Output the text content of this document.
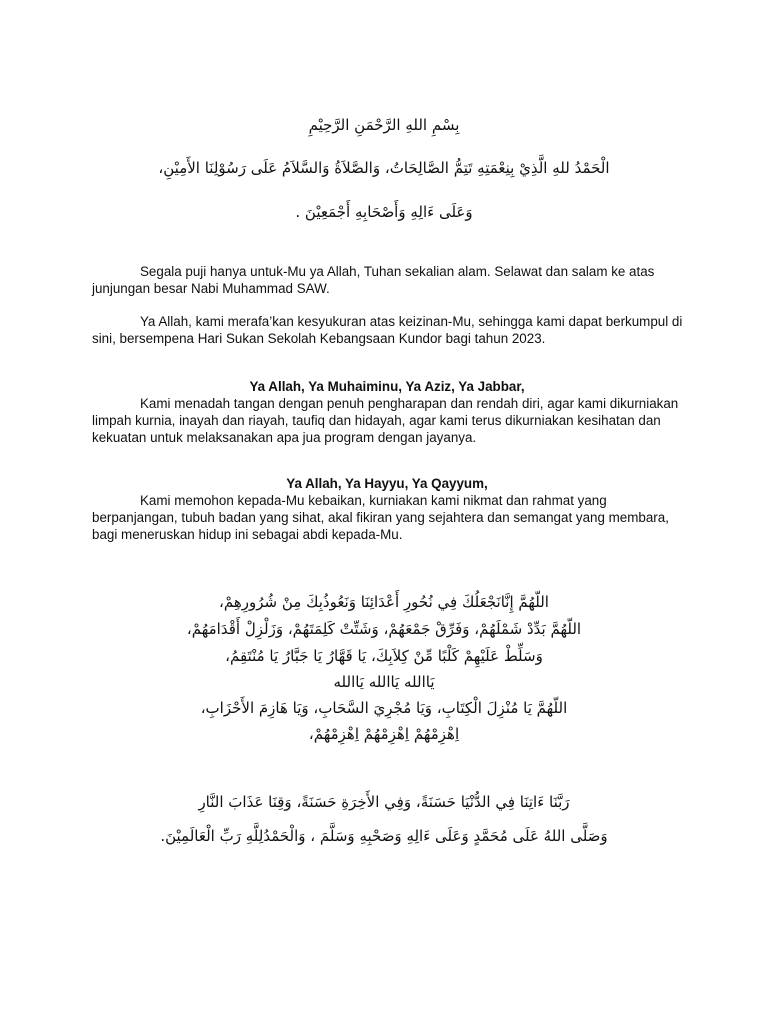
بِسْمِ اللهِ الرَّحْمَنِ الرَّحِيْمِ
الْحَمْدُ للهِ الَّذِيْ بِنِعْمَتِهِ تَتِمُّ الصَّالِحَاتُ، وَالصَّلاَةُ وَالسَّلاَمُ عَلَى رَسُوْلِنَا الأَمِيْنِ،
وَعَلَى ءَالِهِ وَأَصْحَابِهِ أَجْمَعِيْنَ .
Segala puji hanya untuk-Mu ya Allah, Tuhan sekalian alam. Selawat dan salam ke atas
junjungan besar Nabi Muhammad SAW.
Ya Allah, kami merafa’kan kesyukuran atas keizinan-Mu, sehingga kami dapat berkumpul di
sini, bersempena Hari Sukan Sekolah Kebangsaan Kundor bagi tahun 2023.
Ya Allah, Ya Muhaiminu, Ya Aziz, Ya Jabbar,
Kami menadah tangan dengan penuh pengharapan dan rendah diri, agar kami dikurniakan
limpah kurnia, inayah dan riayah, taufiq dan hidayah, agar kami terus dikurniakan kesihatan dan
kekuatan untuk melaksanakan apa jua program dengan jayanya.
Ya Allah, Ya Hayyu, Ya Qayyum,
Kami memohon kepada-Mu kebaikan, kurniakan kami nikmat dan rahmat yang
berpanjangan, tubuh badan yang sihat, akal fikiran yang sejahtera dan semangat yang membara,
bagi meneruskan hidup ini sebagai abdi kepada-Mu.
اللّهُمَّ إِنَّانَجْعَلُكَ فِي نُحُورِ أَعْدَائِنَا وَنَعُوذُبِكَ مِنْ شُرُورِهِمْ،
اللّهُمَّ بَدِّدْ شَمْلَهُمْ، وَفَرِّقْ جَمْعَهُمْ، وَشَتِّتْ كَلِمَتَهُمْ، وَزَلْزِلْ أَقْدَامَهُمْ،
وَسَلِّطْ عَلَيْهِمْ كَلْبًا مِّنْ كِلاَبِكَ، يَا قَهَّارُ يَا جَبَّارُ يَا مُنْتَقِمُ،
يَاالله يَاالله يَاالله
اللّهُمَّ يَا مُنْزِلَ الْكِتَابِ، وَيَا مُجْرِيَ السَّحَابِ، وَيَا هَازِمَ الأَحْزَابِ،
اِهْزِمْهُمْ اِهْزِمْهُمْ اِهْزِمْهُمْ،
رَبَّنَا ءَاتِنَا فِي الدُّنْيَا حَسَنَةً، وَفِي الأَخِرَةِ حَسَنَةً، وَقِنَا عَذَابَ النَّارِ
وَصَلَّى اللهُ عَلَى مُحَمَّدٍ وَعَلَى ءَالِهِ وَصَحْبِهِ وَسَلَّمَ ، وَالْحَمْدُلِلَّهِ رَبِّ الْعَالَمِيْنَ.
